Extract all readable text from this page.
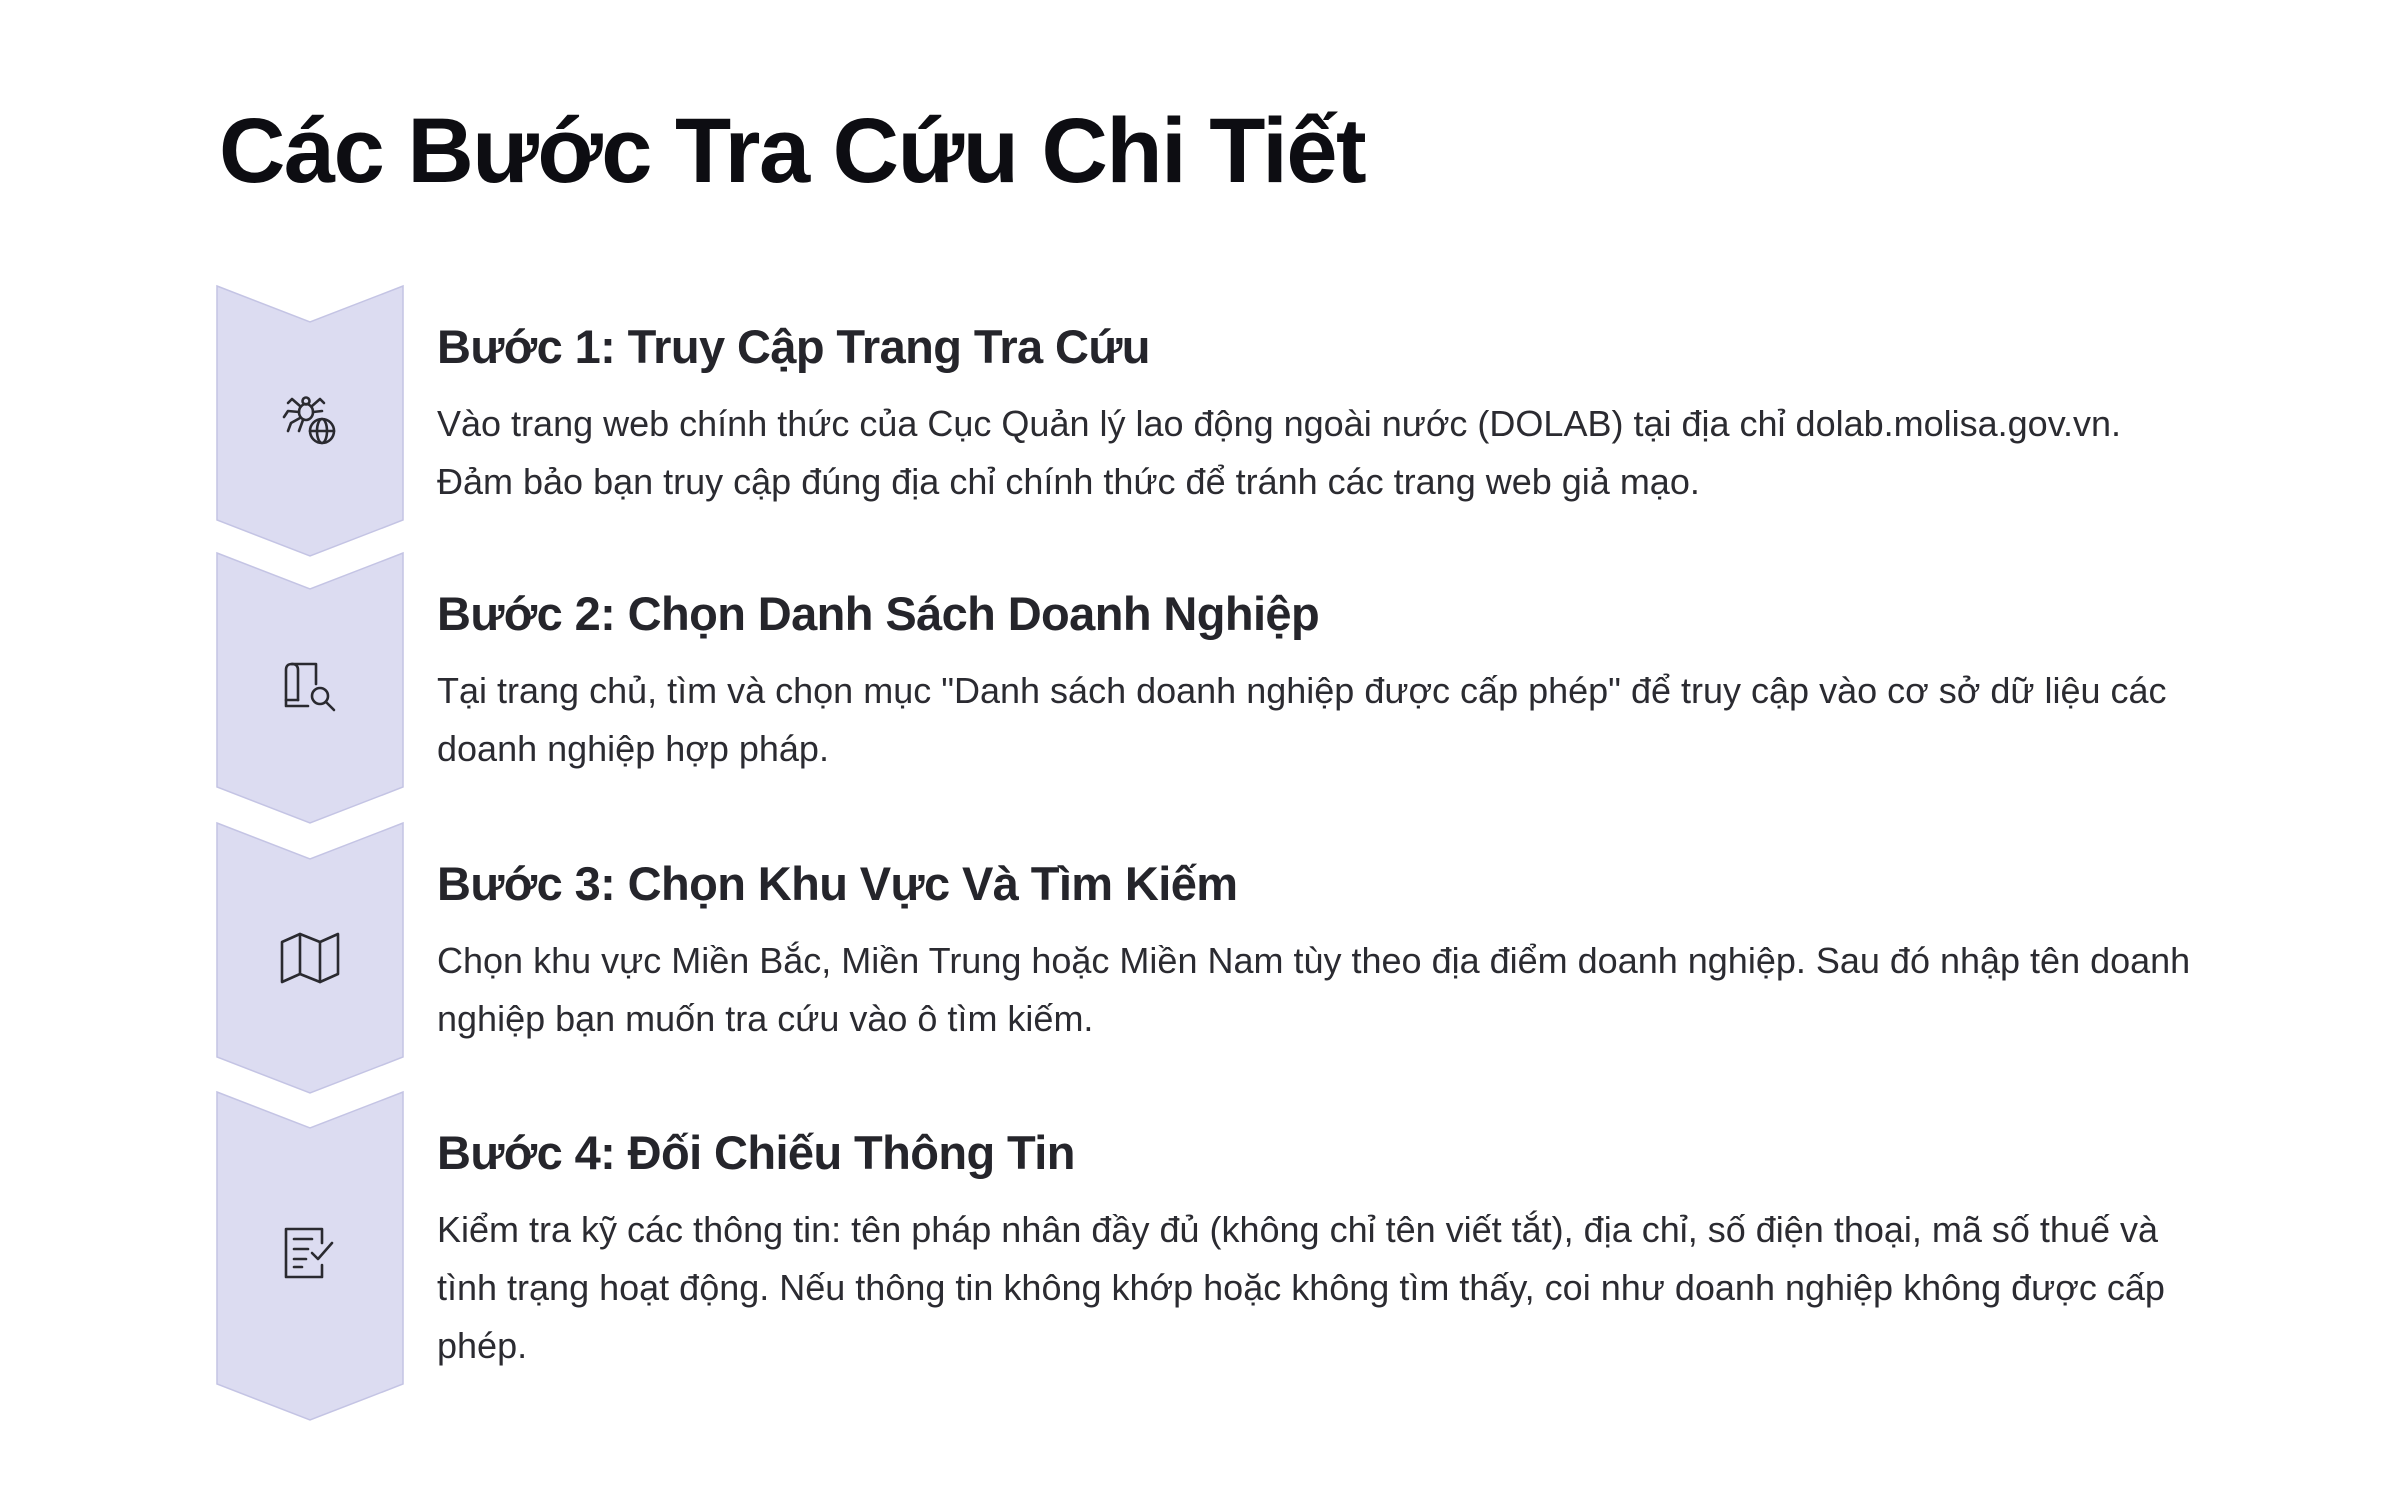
Các Bước Tra Cứu Chi Tiết
Bước 1: Truy Cập Trang Tra Cứu

Vào trang web chính thức của Cục Quản lý lao động ngoài nước (DOLAB) tại địa chỉ dolab.molisa.gov.vn. Đảm bảo bạn truy cập đúng địa chỉ chính thức để tránh các trang web giả mạo.

Bước 2: Chọn Danh Sách Doanh Nghiệp

Tại trang chủ, tìm và chọn mục "Danh sách doanh nghiệp được cấp phép" để truy cập vào cơ sở dữ liệu các doanh nghiệp hợp pháp.

Bước 3: Chọn Khu Vực Và Tìm Kiếm

Chọn khu vực Miền Bắc, Miền Trung hoặc Miền Nam tùy theo địa điểm doanh nghiệp. Sau đó nhập tên doanh nghiệp bạn muốn tra cứu vào ô tìm kiếm.

Bước 4: Đối Chiếu Thông Tin

Kiểm tra kỹ các thông tin: tên pháp nhân đầy đủ (không chỉ tên viết tắt), địa chỉ, số điện thoại, mã số thuế và tình trạng hoạt động. Nếu thông tin không khớp hoặc không tìm thấy, coi như doanh nghiệp không được cấp phép.
